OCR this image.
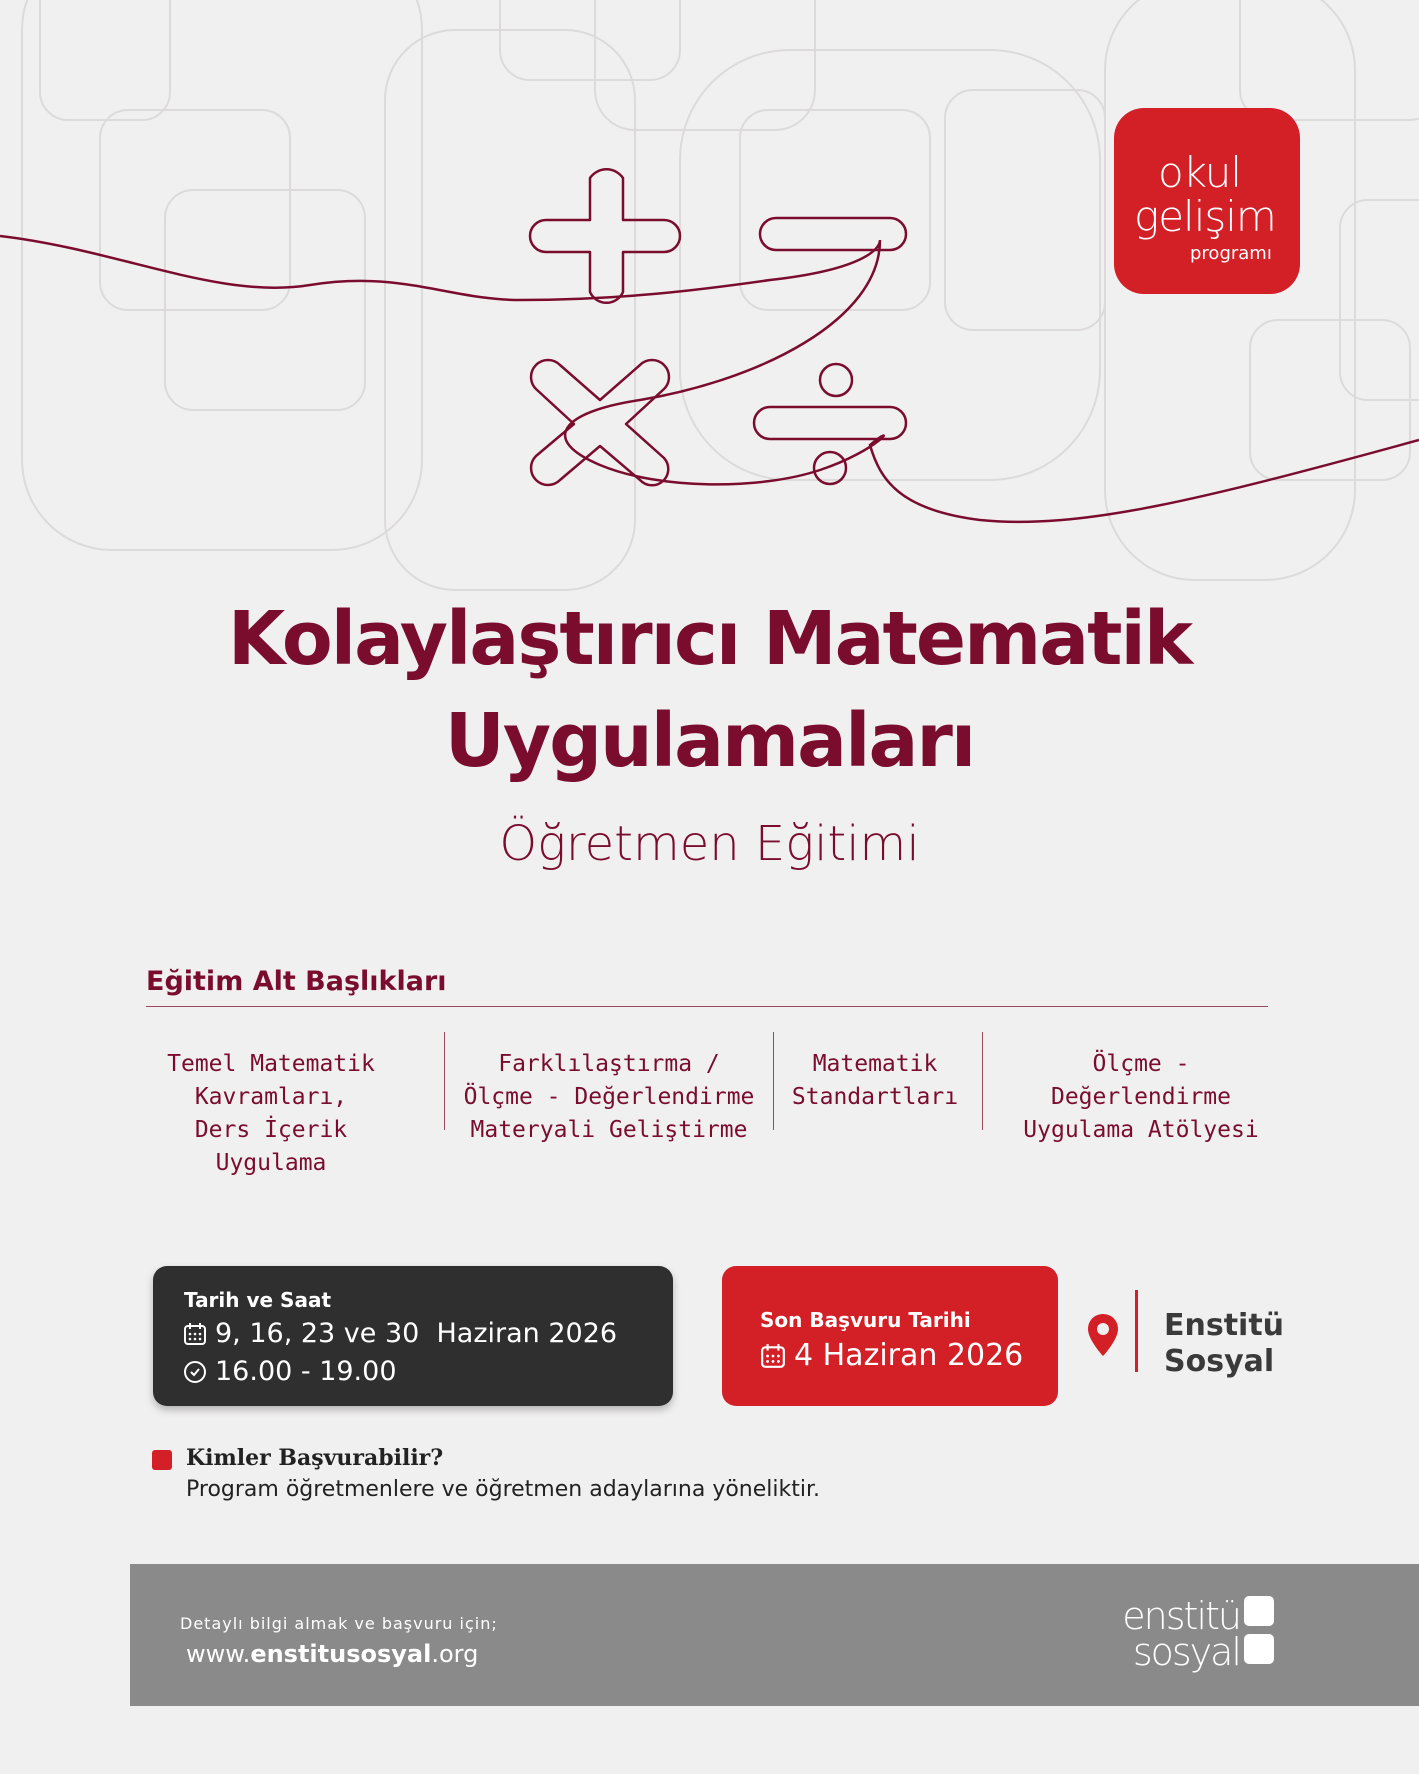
okul
gelişim
programı
Kolaylaştırıcı Matematik
Uygulamaları
Öğretmen Eğitimi
Eğitim Alt Başlıkları
Temel Matematik
Kavramları,
Ders İçerik Uygulama
Farklılaştırma /
Ölçme - Değerlendirme
Materyali Geliştirme
Matematik
Standartları
Ölçme - Değerlendirme
Uygulama Atölyesi
Tarih ve Saat
9, 16, 23 ve 30  Haziran 2026
16.00 - 19.00
Son Başvuru Tarihi
4 Haziran 2026
Enstitü
Sosyal
Kimler Başvurabilir?
Program öğretmenlere ve öğretmen adaylarına yöneliktir.
Detaylı bilgi almak ve başvuru için;
www.enstitusosyal.org
enstitü
sosyal
